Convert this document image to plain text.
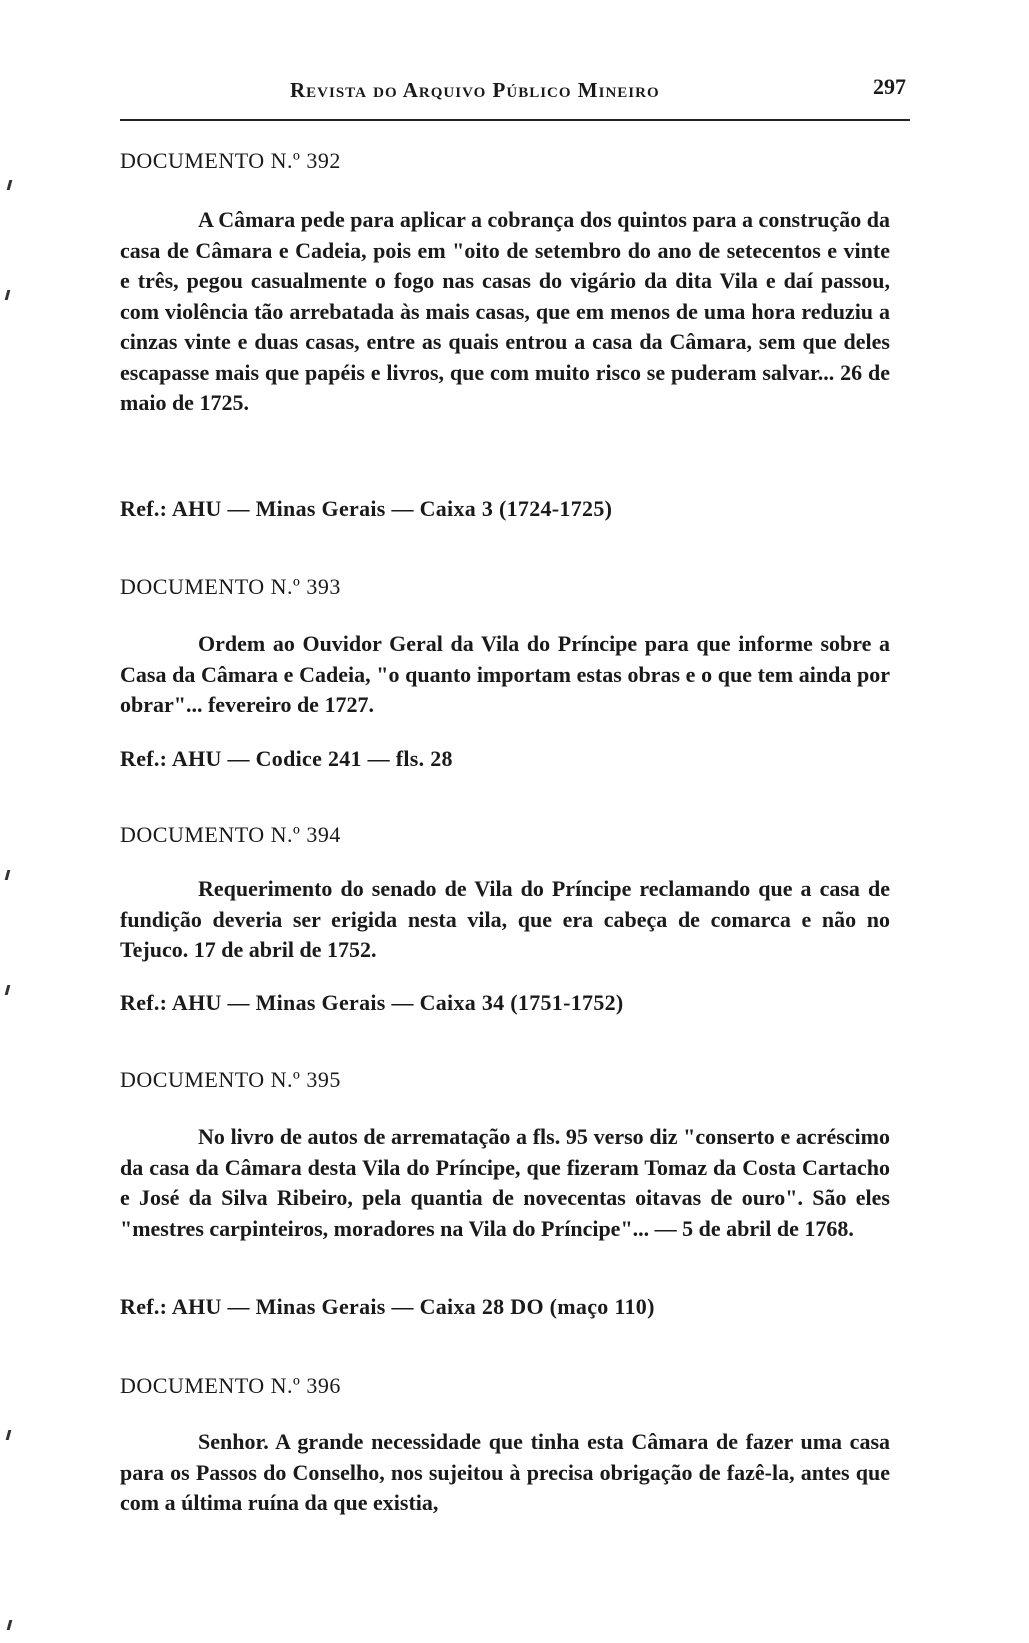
Revista do Arquivo Público Mineiro	297
DOCUMENTO N.º 392

A Câmara pede para aplicar a cobrança dos quintos para a construção da casa de Câmara e Cadeia, pois em "oito de setembro do ano de setecentos e vinte e três, pegou casualmente o fogo nas casas do vigário da dita Vila e daí passou, com violência tão arrebatada às mais casas, que em menos de uma hora reduziu a cinzas vinte e duas casas, entre as quais entrou a casa da Câmara, sem que deles escapasse mais que papéis e livros, que com muito risco se puderam salvar... 26 de maio de 1725.

Ref.: AHU — Minas Gerais — Caixa 3 (1724-1725)
DOCUMENTO N.º 393

Ordem ao Ouvidor Geral da Vila do Príncipe para que informe sobre a Casa da Câmara e Cadeia, "o quanto importam estas obras e o que tem ainda por obrar"... fevereiro de 1727.

Ref.: AHU — Codice 241 — fls. 28
DOCUMENTO N.º 394

Requerimento do senado de Vila do Príncipe reclamando que a casa de fundição deveria ser erigida nesta vila, que era cabeça de comarca e não no Tejuco. 17 de abril de 1752.

Ref.: AHU — Minas Gerais — Caixa 34 (1751-1752)
DOCUMENTO N.º 395

No livro de autos de arrematação a fls. 95 verso diz "conserto e acréscimo da casa da Câmara desta Vila do Príncipe, que fizeram Tomaz da Costa Cartacho e José da Silva Ribeiro, pela quantia de novecentas oitavas de ouro". São eles "mestres carpinteiros, moradores na Vila do Príncipe"... — 5 de abril de 1768.

Ref.: AHU — Minas Gerais — Caixa 28 DO (maço 110)
DOCUMENTO N.º 396

Senhor. A grande necessidade que tinha esta Câmara de fazer uma casa para os Passos do Conselho, nos sujeitou à precisa obrigação de fazê-la, antes que com a última ruína da que existia,
